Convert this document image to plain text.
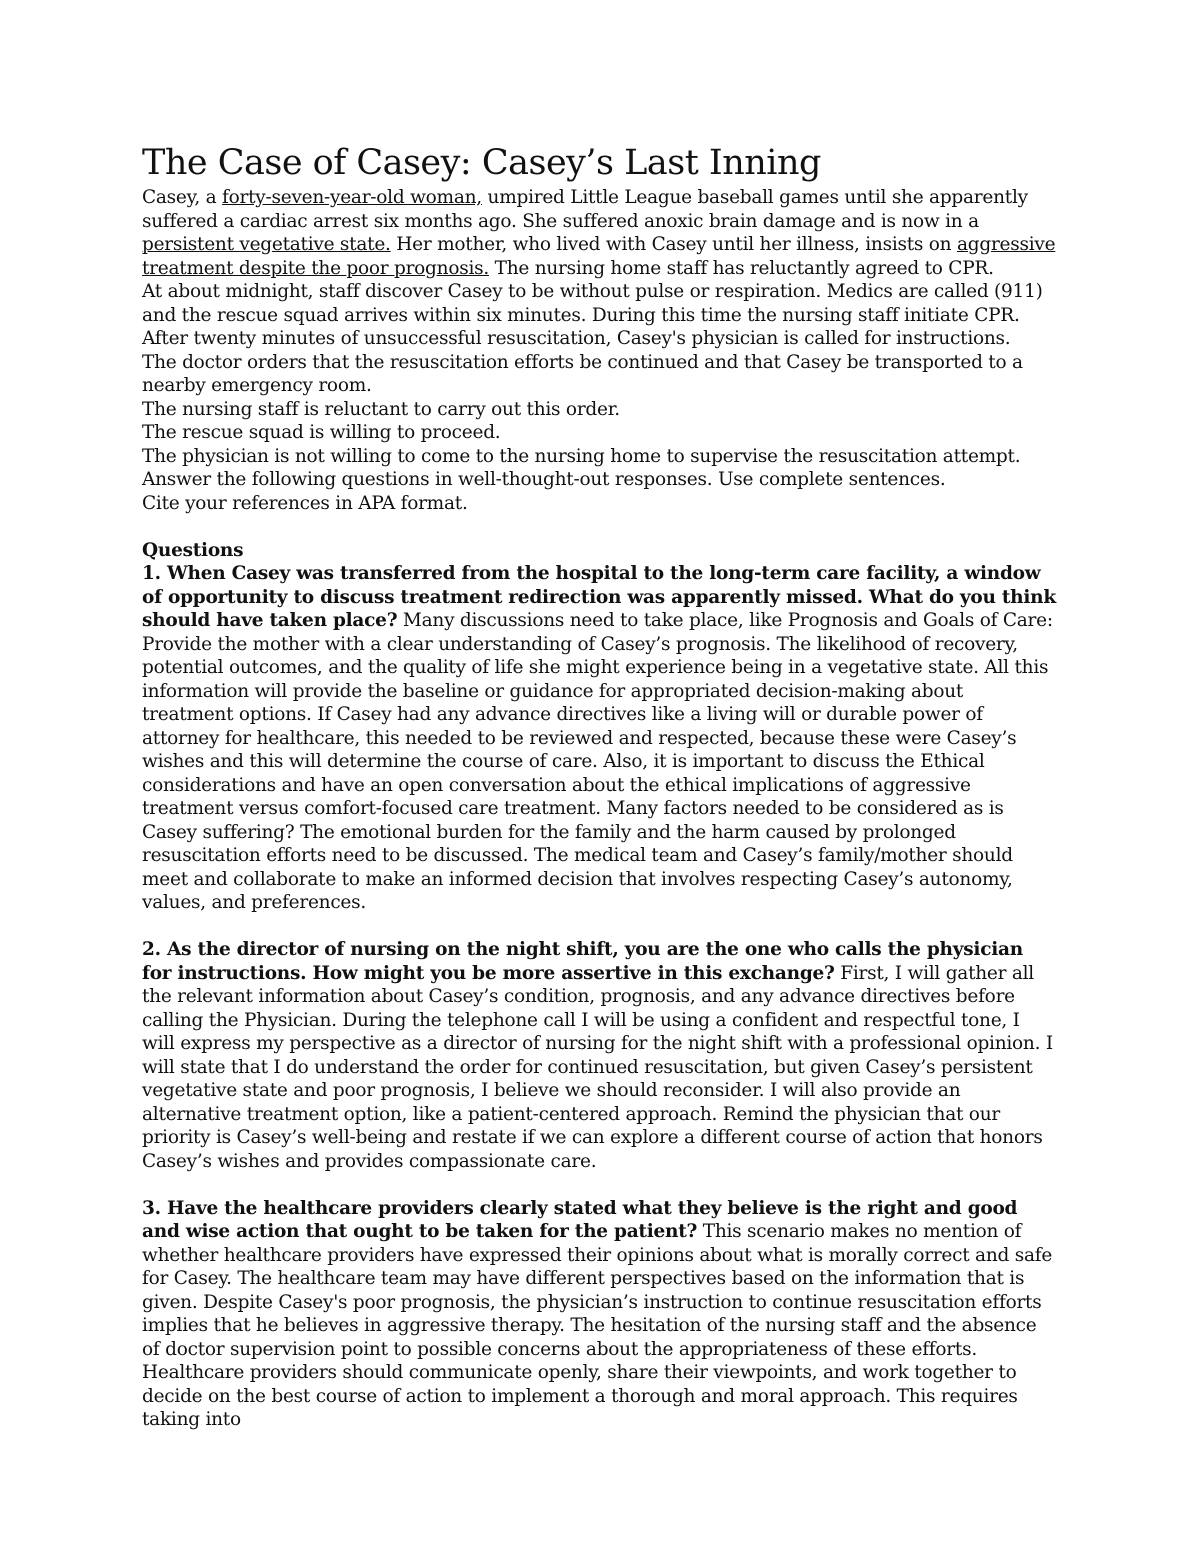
The Case of Casey: Casey’s Last Inning

Casey, a forty-seven-year-old woman, umpired Little League baseball games until she apparently suffered a cardiac arrest six months ago. She suffered anoxic brain damage and is now in a persistent vegetative state. Her mother, who lived with Casey until her illness, insists on aggressive treatment despite the poor prognosis. The nursing home staff has reluctantly agreed to CPR.

At about midnight, staff discover Casey to be without pulse or respiration. Medics are called (911) and the rescue squad arrives within six minutes. During this time the nursing staff initiate CPR.

After twenty minutes of unsuccessful resuscitation, Casey's physician is called for instructions.

The doctor orders that the resuscitation efforts be continued and that Casey be transported to a nearby emergency room.

The nursing staff is reluctant to carry out this order.

The rescue squad is willing to proceed.

The physician is not willing to come to the nursing home to supervise the resuscitation attempt.

Answer the following questions in well-thought-out responses. Use complete sentences.

Cite your references in APA format.

Questions

1. When Casey was transferred from the hospital to the long-term care facility, a window of opportunity to discuss treatment redirection was apparently missed. What do you think should have taken place? Many discussions need to take place, like Prognosis and Goals of Care: Provide the mother with a clear understanding of Casey’s prognosis. The likelihood of recovery, potential outcomes, and the quality of life she might experience being in a vegetative state. All this information will provide the baseline or guidance for appropriated decision-making about treatment options. If Casey had any advance directives like a living will or durable power of attorney for healthcare, this needed to be reviewed and respected, because these were Casey’s wishes and this will determine the course of care. Also, it is important to discuss the Ethical considerations and have an open conversation about the ethical implications of aggressive treatment versus comfort-focused care treatment. Many factors needed to be considered as is Casey suffering? The emotional burden for the family and the harm caused by prolonged resuscitation efforts need to be discussed. The medical team and Casey’s family/mother should meet and collaborate to make an informed decision that involves respecting Casey’s autonomy, values, and preferences.

2. As the director of nursing on the night shift, you are the one who calls the physician for instructions. How might you be more assertive in this exchange? First, I will gather all the relevant information about Casey’s condition, prognosis, and any advance directives before calling the Physician. During the telephone call I will be using a confident and respectful tone, I will express my perspective as a director of nursing for the night shift with a professional opinion. I will state that I do understand the order for continued resuscitation, but given Casey’s persistent vegetative state and poor prognosis, I believe we should reconsider. I will also provide an alternative treatment option, like a patient-centered approach. Remind the physician that our priority is Casey’s well-being and restate if we can explore a different course of action that honors Casey’s wishes and provides compassionate care.

3. Have the healthcare providers clearly stated what they believe is the right and good and wise action that ought to be taken for the patient? This scenario makes no mention of whether healthcare providers have expressed their opinions about what is morally correct and safe for Casey. The healthcare team may have different perspectives based on the information that is given. Despite Casey's poor prognosis, the physician’s instruction to continue resuscitation efforts implies that he believes in aggressive therapy. The hesitation of the nursing staff and the absence of doctor supervision point to possible concerns about the appropriateness of these efforts. Healthcare providers should communicate openly, share their viewpoints, and work together to decide on the best course of action to implement a thorough and moral approach. This requires taking into
